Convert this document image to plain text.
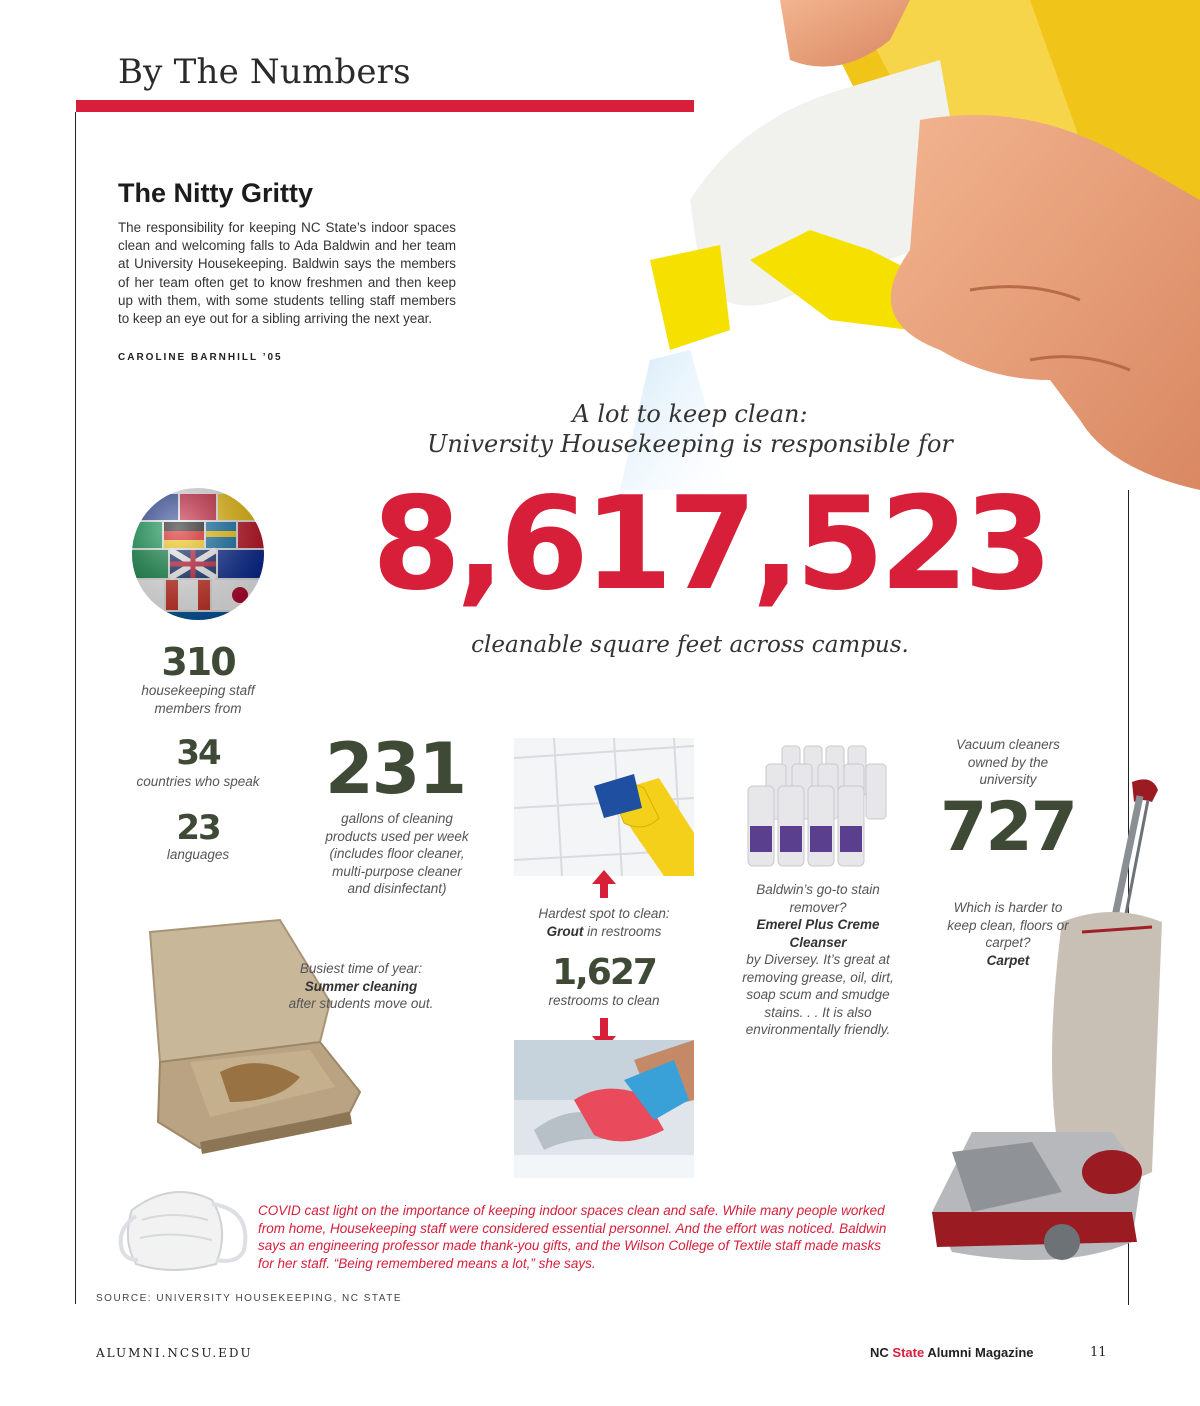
By The Numbers
The Nitty Gritty
The responsibility for keeping NC State’s indoor spaces clean and welcoming falls to Ada Baldwin and her team at University Housekeeping. Baldwin says the members of her team often get to know freshmen and then keep up with them, with some students telling staff members to keep an eye out for a sibling arriving the next year.
CAROLINE BARNHILL ’05
A lot to keep clean:
University Housekeeping is responsible for
8,617,523
cleanable square feet across campus.
310
housekeeping staff members from
34
countries who speak
23
languages
231
gallons of cleaning products used per week (includes floor cleaner, multi-purpose cleaner and disinfectant)
Hardest spot to clean:
Grout in restrooms
1,627
restrooms to clean
Baldwin’s go-to stain remover?
Emerel Plus Creme Cleanser
by Diversey. It’s great at removing grease, oil, dirt, soap scum and smudge stains. . . It is also environmentally friendly.
Vacuum cleaners owned by the university
727
Which is harder to keep clean, floors or carpet?
Carpet
Busiest time of year:
Summer cleaning
after students move out.
COVID cast light on the importance of keeping indoor spaces clean and safe. While many people worked from home, Housekeeping staff were considered essential personnel. And the effort was noticed. Baldwin says an engineering professor made thank-you gifts, and the Wilson College of Textile staff made masks for her staff. “Being remembered means a lot,” she says.
SOURCE: UNIVERSITY HOUSEKEEPING, NC STATE
ALUMNI.NCSU.EDU	NC State Alumni Magazine	11
